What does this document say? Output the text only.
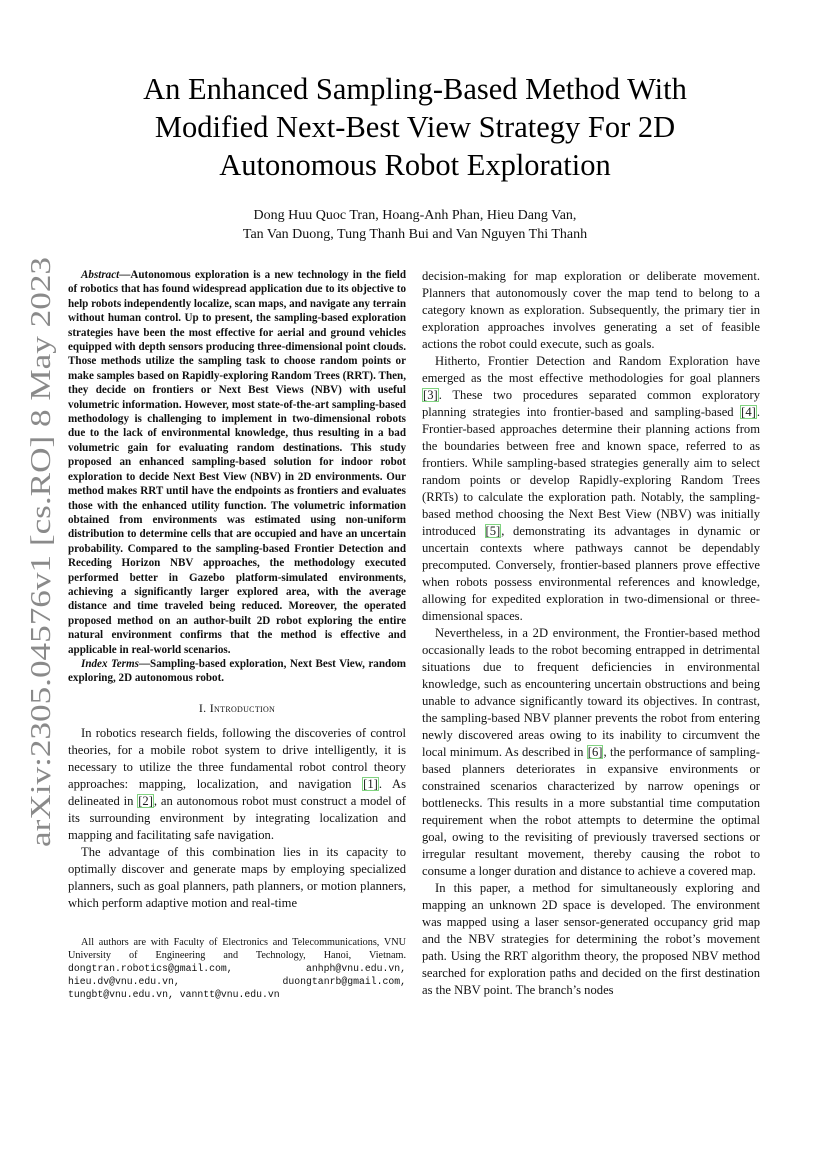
arXiv:2305.04576v1 [cs.RO] 8 May 2023
An Enhanced Sampling-Based Method With
Modified Next-Best View Strategy For 2D
Autonomous Robot Exploration
Dong Huu Quoc Tran, Hoang-Anh Phan, Hieu Dang Van,
Tan Van Duong, Tung Thanh Bui and Van Nguyen Thi Thanh

Abstract—Autonomous exploration is a new technology in the field of robotics that has found widespread application due to its objective to help robots independently localize, scan maps, and navigate any terrain without human control. Up to present, the sampling-based exploration strategies have been the most effective for aerial and ground vehicles equipped with depth sensors producing three-dimensional point clouds. Those methods utilize the sampling task to choose random points or make samples based on Rapidly-exploring Random Trees (RRT). Then, they decide on frontiers or Next Best Views (NBV) with useful volumetric information. However, most state-of-the-art sampling-based methodology is challenging to implement in two-dimensional robots due to the lack of environmental knowledge, thus resulting in a bad volumetric gain for evaluating random destinations. This study proposed an enhanced sampling-based solution for indoor robot exploration to decide Next Best View (NBV) in 2D environments. Our method makes RRT until have the endpoints as frontiers and evaluates those with the enhanced utility function. The volumetric information obtained from environments was estimated using non-uniform distribution to determine cells that are occupied and have an uncertain probability. Compared to the sampling-based Frontier Detection and Receding Horizon NBV approaches, the methodology executed performed better in Gazebo platform-simulated environments, achieving a significantly larger explored area, with the average distance and time traveled being reduced. Moreover, the operated proposed method on an author-built 2D robot exploring the entire natural environment confirms that the method is effective and applicable in real-world scenarios.

Index Terms—Sampling-based exploration, Next Best View, random exploring, 2D autonomous robot.

I. Introduction

In robotics research fields, following the discoveries of control theories, for a mobile robot system to drive intelligently, it is necessary to utilize the three fundamental robot control theory approaches: mapping, localization, and navigation [1]. As delineated in [2], an autonomous robot must construct a model of its surrounding environment by integrating localization and mapping and facilitating safe navigation.

The advantage of this combination lies in its capacity to optimally discover and generate maps by employing specialized planners, such as goal planners, path planners, or motion planners, which perform adaptive motion and real-time

All authors are with Faculty of Electronics and Telecommunications, VNU University of Engineering and Technology, Hanoi, Vietnam. dongtran.robotics@gmail.com, anhph@vnu.edu.vn, hieu.dv@vnu.edu.vn, duongtanrb@gmail.com, tungbt@vnu.edu.vn, vanntt@vnu.edu.vn

decision-making for map exploration or deliberate movement. Planners that autonomously cover the map tend to belong to a category known as exploration. Subsequently, the primary tier in exploration approaches involves generating a set of feasible actions the robot could execute, such as goals.

Hitherto, Frontier Detection and Random Exploration have emerged as the most effective methodologies for goal planners [3]. These two procedures separated common exploratory planning strategies into frontier-based and sampling-based [4]. Frontier-based approaches determine their planning actions from the boundaries between free and known space, referred to as frontiers. While sampling-based strategies generally aim to select random points or develop Rapidly-exploring Random Trees (RRTs) to calculate the exploration path. Notably, the sampling-based method choosing the Next Best View (NBV) was initially introduced [5], demonstrating its advantages in dynamic or uncertain contexts where pathways cannot be dependably precomputed. Conversely, frontier-based planners prove effective when robots possess environmental references and knowledge, allowing for expedited exploration in two-dimensional or three-dimensional spaces.

Nevertheless, in a 2D environment, the Frontier-based method occasionally leads to the robot becoming entrapped in detrimental situations due to frequent deficiencies in environmental knowledge, such as encountering uncertain obstructions and being unable to advance significantly toward its objectives. In contrast, the sampling-based NBV planner prevents the robot from entering newly discovered areas owing to its inability to circumvent the local minimum. As described in [6], the performance of sampling-based planners deteriorates in expansive environments or constrained scenarios characterized by narrow openings or bottlenecks. This results in a more substantial time computation requirement when the robot attempts to determine the optimal goal, owing to the revisiting of previously traversed sections or irregular resultant movement, thereby causing the robot to consume a longer duration and distance to achieve a covered map.

In this paper, a method for simultaneously exploring and mapping an unknown 2D space is developed. The environment was mapped using a laser sensor-generated occupancy grid map and the NBV strategies for determining the robot’s movement path. Using the RRT algorithm theory, the proposed NBV method searched for exploration paths and decided on the first destination as the NBV point. The branch’s nodes
